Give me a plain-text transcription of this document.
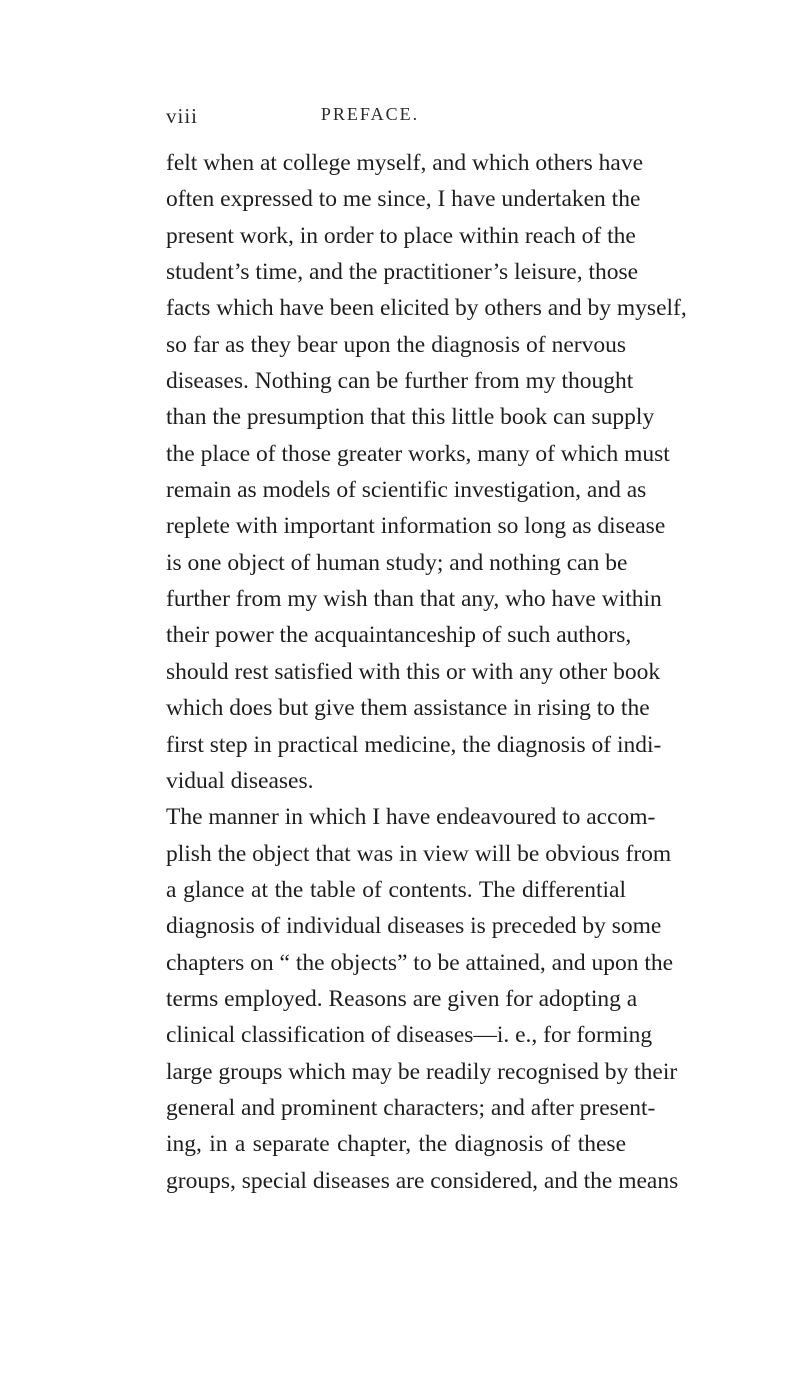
viii	PREFACE.
felt when at college myself, and which others have
often expressed to me since, I have undertaken the
present work, in order to place within reach of the
student’s time, and the practitioner’s leisure, those
facts which have been elicited by others and by myself,
so far as they bear upon the diagnosis of nervous
diseases. Nothing can be further from my thought
than the presumption that this little book can supply
the place of those greater works, many of which must
remain as models of scientific investigation, and as
replete with important information so long as disease
is one object of human study; and nothing can be
further from my wish than that any, who have within
their power the acquaintanceship of such authors,
should rest satisfied with this or with any other book
which does but give them assistance in rising to the
first step in practical medicine, the diagnosis of indi-
vidual diseases.
The manner in which I have endeavoured to accom-
plish the object that was in view will be obvious from
a glance at the table of contents. The differential
diagnosis of individual diseases is preceded by some
chapters on “ the objects” to be attained, and upon the
terms employed. Reasons are given for adopting a
clinical classification of diseases—i. e., for forming
large groups which may be readily recognised by their
general and prominent characters; and after present-
ing, in a separate chapter, the diagnosis of these
groups, special diseases are considered, and the means
